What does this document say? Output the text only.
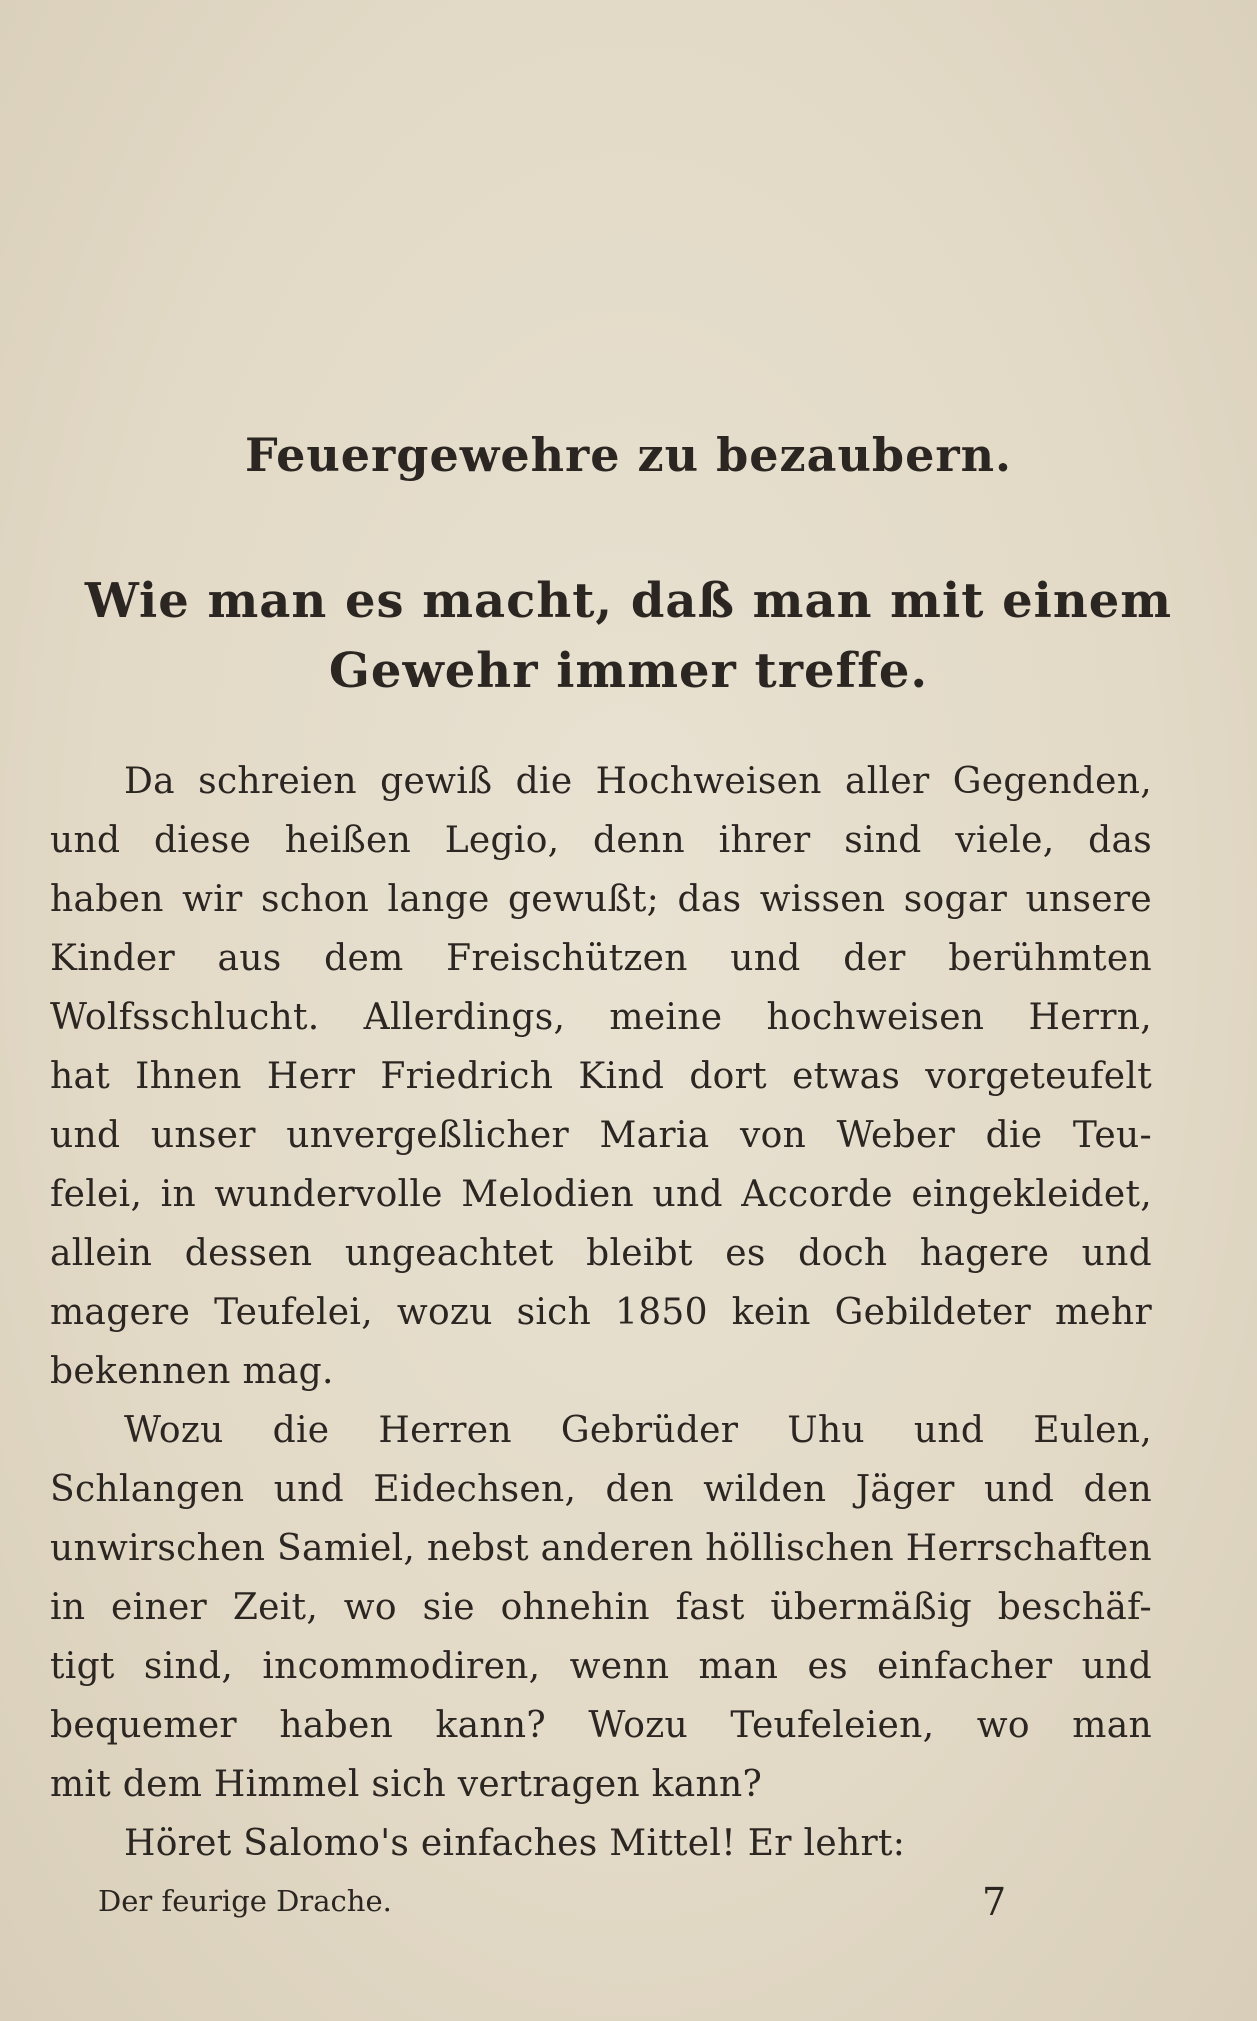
Feuergewehre zu bezaubern.
Wie man es macht, daß man mit einem
Gewehr immer treffe.
Da schreien gewiß die Hochweisen aller Gegenden,
und diese heißen Legio, denn ihrer sind viele, das
haben wir schon lange gewußt; das wissen sogar unsere
Kinder aus dem Freischützen und der berühmten
Wolfsschlucht. Allerdings, meine hochweisen Herrn,
hat Ihnen Herr Friedrich Kind dort etwas vorgeteufelt
und unser unvergeßlicher Maria von Weber die Teu-
felei, in wundervolle Melodien und Accorde eingekleidet,
allein dessen ungeachtet bleibt es doch hagere und
magere Teufelei, wozu sich 1850 kein Gebildeter mehr
bekennen mag.
Wozu die Herren Gebrüder Uhu und Eulen,
Schlangen und Eidechsen, den wilden Jäger und den
unwirschen Samiel, nebst anderen höllischen Herrschaften
in einer Zeit, wo sie ohnehin fast übermäßig beschäf-
tigt sind, incommodiren, wenn man es einfacher und
bequemer haben kann? Wozu Teufeleien, wo man
mit dem Himmel sich vertragen kann?
Höret Salomo's einfaches Mittel! Er lehrt:
Der feurige Drache.	7
